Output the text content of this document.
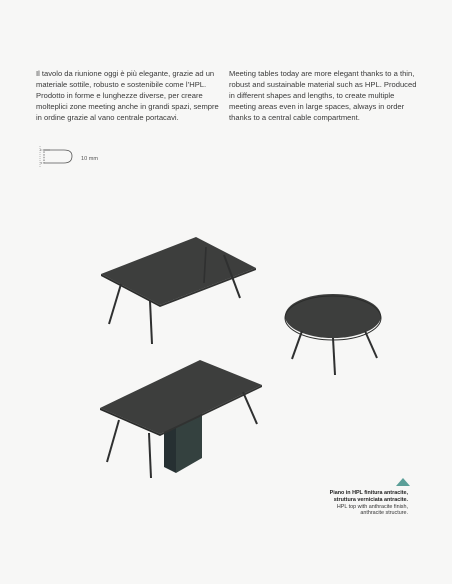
Il tavolo da riunione oggi è più elegante, grazie ad un materiale sottile, robusto e sostenibile come l’HPL. Prodotto in forme e lunghezze diverse, per creare molteplici zone meeting anche in grandi spazi, sempre in ordine grazie al vano centrale portacavi.
Meeting tables today are more elegant thanks to a thin, robust and sustainable material such as HPL. Produced in different shapes and lengths, to create multiple meeting areas even in large spaces, always in order thanks to a central cable compartment.
10 mm
Piano in HPL finitura antracite,
struttura verniciata antracite.
HPL top with anthracite finish,
anthracite structure.
